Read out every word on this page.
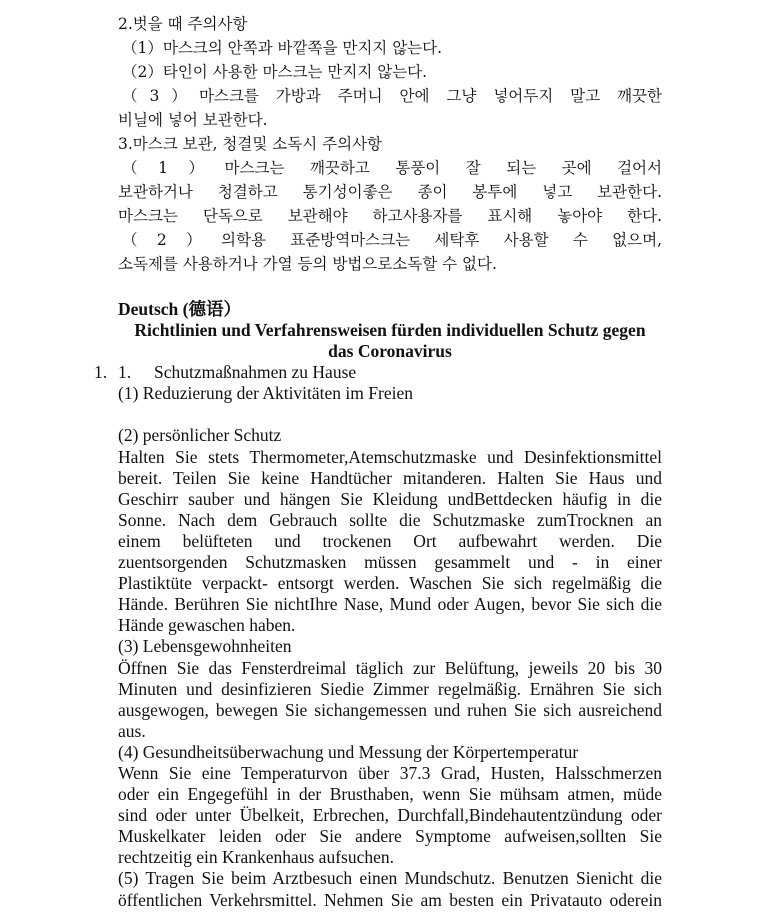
2.벗을 때 주의사항
（1）마스크의 안쪽과 바깥쪽을 만지지 않는다.
（2）타인이 사용한 마스크는 만지지 않는다.
（3）마스크를 가방과 주머니 안에 그냥 넣어두지 말고 깨끗한
비닐에 넣어 보관한다.
3.마스크 보관, 청결및 소독시 주의사항
（1）마스크는 깨끗하고 통풍이 잘 되는 곳에 걸어서
보관하거나 청결하고 통기성이좋은 종이 봉투에 넣고 보관한다.
마스크는 단독으로 보관해야 하고사용자를 표시해 놓아야 한다.
（2）의학용 표준방역마스크는 세탁후 사용할 수 없으며,
소독제를 사용하거나 가열 등의 방법으로소독할 수 없다.
Deutsch (德语）
Richtlinien und Verfahrensweisen fürden individuellen Schutz gegen
das Coronavirus
1. 1. Schutzmaßnahmen zu Hause
(1) Reduzierung der Aktivitäten im Freien
(2) persönlicher Schutz
Halten Sie stets Thermometer,Atemschutzmaske und Desinfektionsmittel
bereit. Teilen Sie keine Handtücher mitanderen. Halten Sie Haus und
Geschirr sauber und hängen Sie Kleidung undBettdecken häufig in die
Sonne. Nach dem Gebrauch sollte die Schutzmaske zumTrocknen an
einem belüfteten und trockenen Ort aufbewahrt werden. Die
zuentsorgenden Schutzmasken müssen gesammelt und - in einer
Plastiktüte verpackt- entsorgt werden. Waschen Sie sich regelmäßig die
Hände. Berühren Sie nichtIhre Nase, Mund oder Augen, bevor Sie sich die
Hände gewaschen haben.
(3) Lebensgewohnheiten
Öffnen Sie das Fensterdreimal täglich zur Belüftung, jeweils 20 bis 30
Minuten und desinfizieren Siedie Zimmer regelmäßig. Ernähren Sie sich
ausgewogen, bewegen Sie sichangemessen und ruhen Sie sich ausreichend
aus.
(4) Gesundheitsüberwachung und Messung der Körpertemperatur
Wenn Sie eine Temperaturvon über 37.3 Grad, Husten, Halsschmerzen
oder ein Engegefühl in der Brusthaben, wenn Sie mühsam atmen, müde
sind oder unter Übelkeit, Erbrechen, Durchfall,Bindehautentzündung oder
Muskelkater leiden oder Sie andere Symptome aufweisen,sollten Sie
rechtzeitig ein Krankenhaus aufsuchen.
(5) Tragen Sie beim Arztbesuch einen Mundschutz. Benutzen Sienicht die
öffentlichen Verkehrsmittel. Nehmen Sie am besten ein Privatauto oderein
